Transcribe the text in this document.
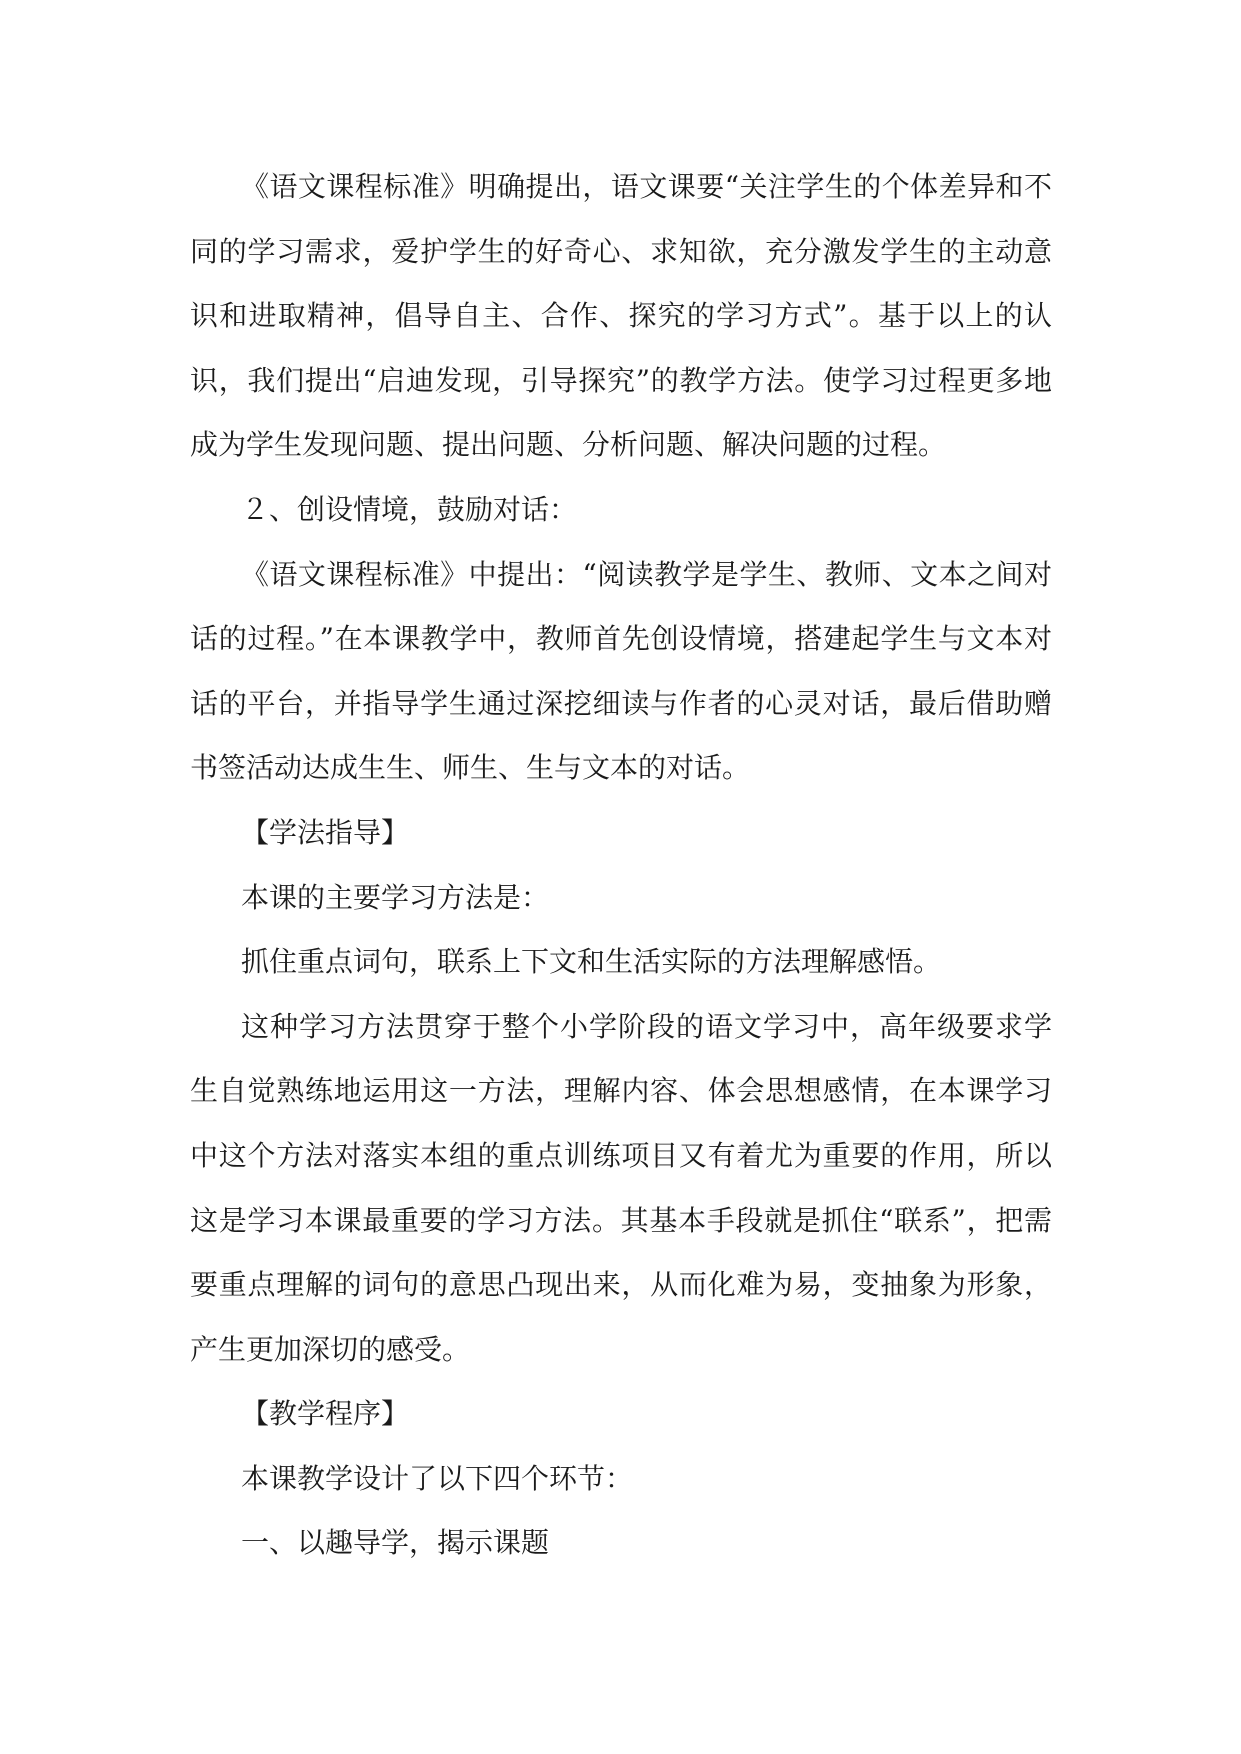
《语文课程标准》明确提出，语文课要“关注学生的个体差异和不同的学习需求，爱护学生的好奇心、求知欲，充分激发学生的主动意识和进取精神，倡导自主、合作、探究的学习方式”。基于以上的认识，我们提出“启迪发现，引导探究”的教学方法。使学习过程更多地成为学生发现问题、提出问题、分析问题、解决问题的过程。

２、创设情境，鼓励对话：

《语文课程标准》中提出：“阅读教学是学生、教师、文本之间对话的过程。”在本课教学中，教师首先创设情境，搭建起学生与文本对话的平台，并指导学生通过深挖细读与作者的心灵对话，最后借助赠书签活动达成生生、师生、生与文本的对话。

【学法指导】

本课的主要学习方法是：

抓住重点词句，联系上下文和生活实际的方法理解感悟。

这种学习方法贯穿于整个小学阶段的语文学习中，高年级要求学生自觉熟练地运用这一方法，理解内容、体会思想感情，在本课学习中这个方法对落实本组的重点训练项目又有着尤为重要的作用，所以这是学习本课最重要的学习方法。其基本手段就是抓住“联系”，把需要重点理解的词句的意思凸现出来，从而化难为易，变抽象为形象，产生更加深切的感受。

【教学程序】

本课教学设计了以下四个环节：

一、以趣导学，揭示课题
